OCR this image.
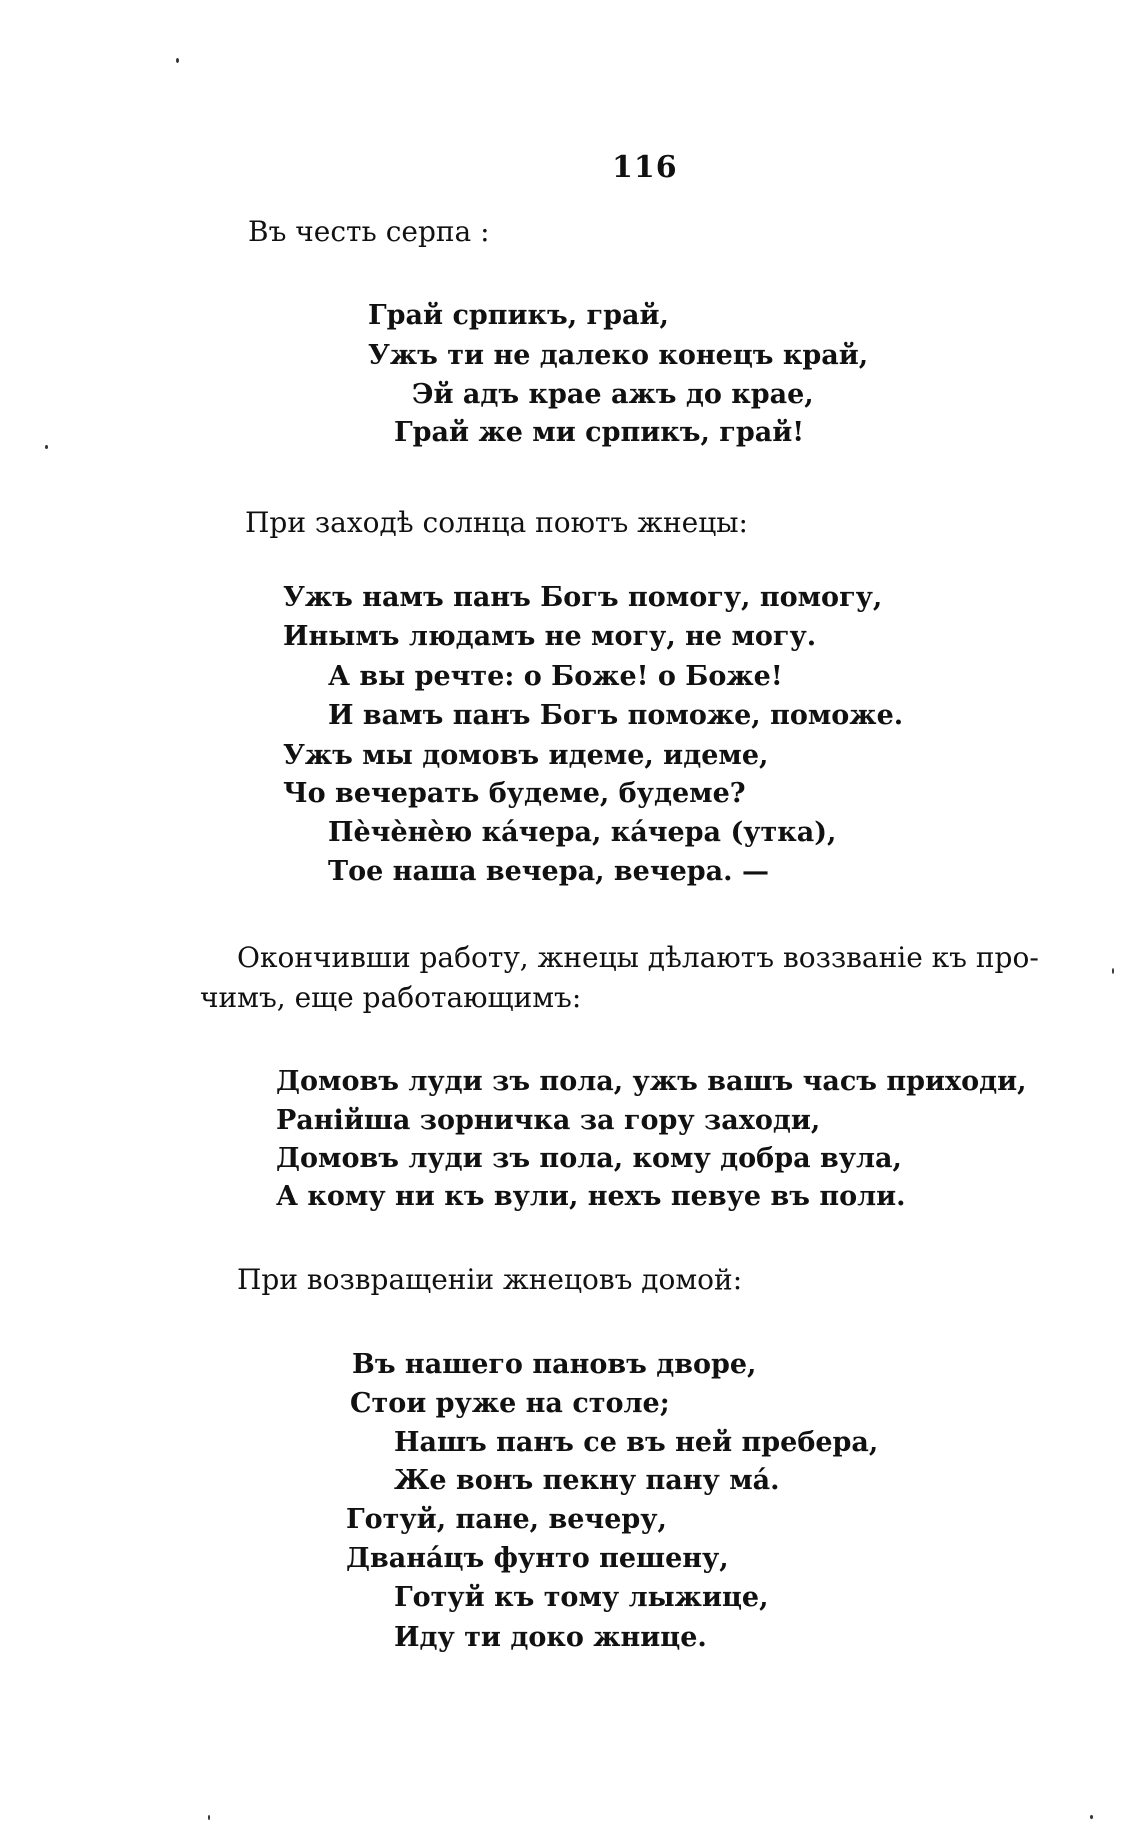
116
Въ честь серпа :
Грай српикъ, грай,
Ужъ ти не далеко конецъ край,
Эй адъ крае ажъ до крае,
Грай же ми српикъ, грай!
При заходѣ солнца поютъ жнецы:
Ужъ намъ панъ Богъ помогу, помогу,
Инымъ людамъ не могу, не могу.
А вы речте: о Боже! о Боже!
И вамъ панъ Богъ поможе, поможе.
Ужъ мы домовъ идеме, идеме,
Чо вечерать будеме, будеме?
Пѐчѐнѐю кáчера, кáчера (утка),
Тое наша вечера, вечера. —
Окончивши работу, жнецы дѣлаютъ воззванiе къ про-
чимъ, еще работающимъ:
Домовъ луди зъ пола, ужъ вашъ часъ приходи,
Ранiйша зорничка за гору заходи,
Домовъ луди зъ пола, кому добра вула,
А кому ни къ вули, нехъ певуе въ поли.
При возвращенiи жнецовъ домой:
Въ нашего пановъ дворе,
Стои руже на столе;
Нашъ панъ се въ ней пребера,
Же вонъ пекну пану мá.
Готуй, пане, вечеру,
Дванáцъ фунто пешену,
Готуй къ тому лыжице,
Иду ти доко жнице.
